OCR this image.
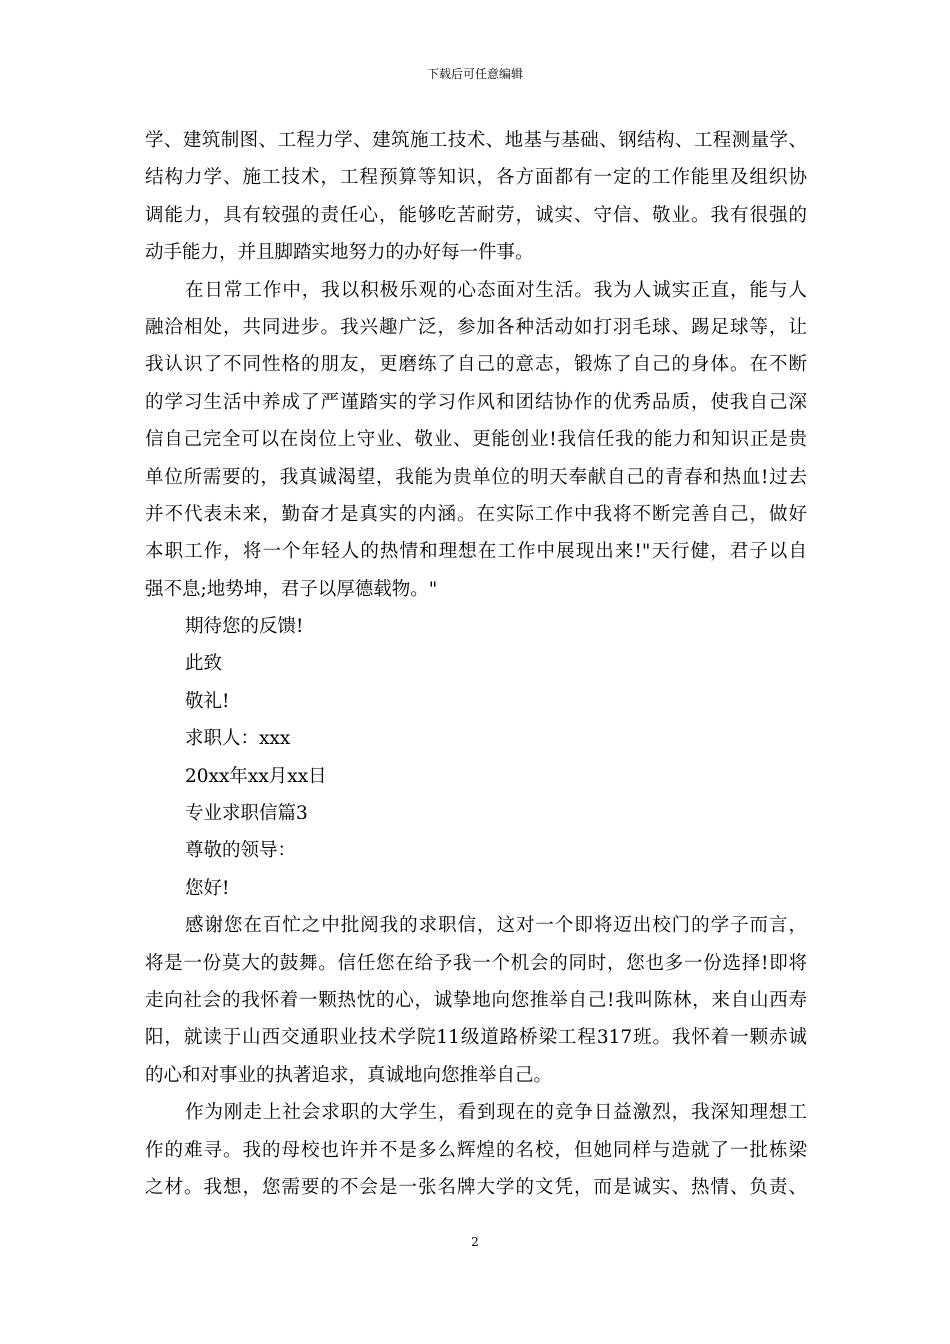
下载后可任意编辑
学、建筑制图、工程力学、建筑施工技术、地基与基础、钢结构、工程测量学、
结构力学、施工技术，工程预算等知识，各方面都有一定的工作能里及组织协
调能力，具有较强的责任心，能够吃苦耐劳，诚实、守信、敬业。我有很强的
动手能力，并且脚踏实地努力的办好每一件事。
在日常工作中，我以积极乐观的心态面对生活。我为人诚实正直，能与人
融洽相处，共同进步。我兴趣广泛，参加各种活动如打羽毛球、踢足球等，让
我认识了不同性格的朋友，更磨练了自己的意志，锻炼了自己的身体。在不断
的学习生活中养成了严谨踏实的学习作风和团结协作的优秀品质，使我自己深
信自己完全可以在岗位上守业、敬业、更能创业!我信任我的能力和知识正是贵
单位所需要的，我真诚渴望，我能为贵单位的明天奉献自己的青春和热血!过去
并不代表未来，勤奋才是真实的内涵。在实际工作中我将不断完善自己，做好
本职工作，将一个年轻人的热情和理想在工作中展现出来!"天行健，君子以自
强不息;地势坤，君子以厚德载物。"
期待您的反馈!
此致
敬礼!
求职人：xxx
20xx年xx月xx日
专业求职信篇3
尊敬的领导：
您好!
感谢您在百忙之中批阅我的求职信，这对一个即将迈出校门的学子而言，
将是一份莫大的鼓舞。信任您在给予我一个机会的同时，您也多一份选择!即将
走向社会的我怀着一颗热忱的心，诚挚地向您推举自己!我叫陈林，来自山西寿
阳，就读于山西交通职业技术学院11级道路桥梁工程317班。我怀着一颗赤诚
的心和对事业的执著追求，真诚地向您推举自己。
作为刚走上社会求职的大学生，看到现在的竞争日益激烈，我深知理想工
作的难寻。我的母校也许并不是多么辉煌的名校，但她同样与造就了一批栋梁
之材。我想，您需要的不会是一张名牌大学的文凭，而是诚实、热情、负责、
2
